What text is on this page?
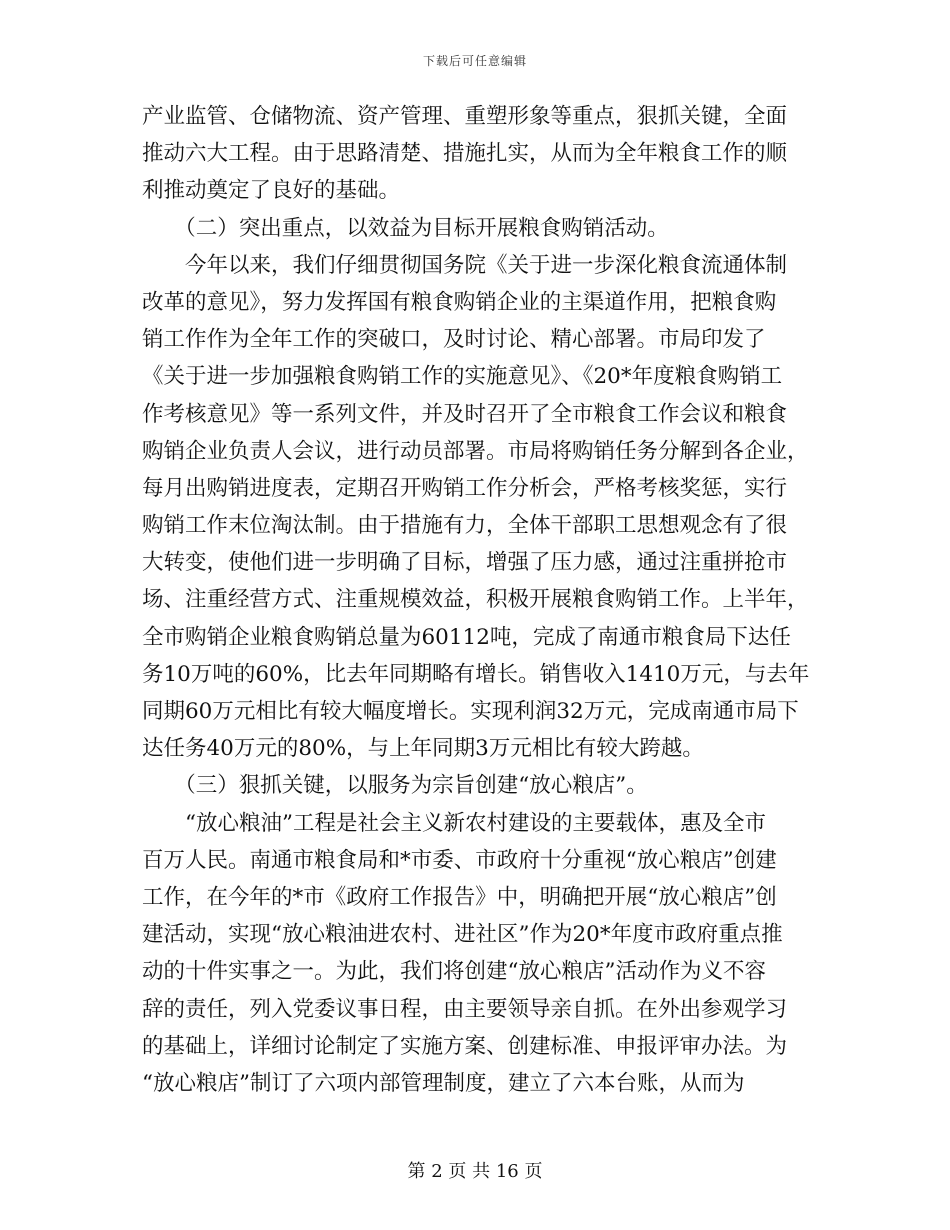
下载后可任意编辑
产业监管、仓储物流、资产管理、重塑形象等重点，狠抓关键，全面
推动六大工程。由于思路清楚、措施扎实，从而为全年粮食工作的顺
利推动奠定了良好的基础。
　　（二）突出重点，以效益为目标开展粮食购销活动。
　　今年以来，我们仔细贯彻国务院《关于进一步深化粮食流通体制
改革的意见》，努力发挥国有粮食购销企业的主渠道作用，把粮食购
销工作作为全年工作的突破口，及时讨论、精心部署。市局印发了
《关于进一步加强粮食购销工作的实施意见》、《20*年度粮食购销工
作考核意见》等一系列文件，并及时召开了全市粮食工作会议和粮食
购销企业负责人会议，进行动员部署。市局将购销任务分解到各企业，
每月出购销进度表，定期召开购销工作分析会，严格考核奖惩，实行
购销工作末位淘汰制。由于措施有力，全体干部职工思想观念有了很
大转变，使他们进一步明确了目标，增强了压力感，通过注重拼抢市
场、注重经营方式、注重规模效益，积极开展粮食购销工作。上半年，
全市购销企业粮食购销总量为60112吨，完成了南通市粮食局下达任
务10万吨的60%，比去年同期略有增长。销售收入1410万元，与去年
同期60万元相比有较大幅度增长。实现利润32万元，完成南通市局下
达任务40万元的80%，与上年同期3万元相比有较大跨越。
　　（三）狠抓关键，以服务为宗旨创建“放心粮店”。
　　“放心粮油”工程是社会主义新农村建设的主要载体，惠及全市
百万人民。南通市粮食局和*市委、市政府十分重视“放心粮店”创建
工作，在今年的*市《政府工作报告》中，明确把开展“放心粮店”创
建活动，实现“放心粮油进农村、进社区”作为20*年度市政府重点推
动的十件实事之一。为此，我们将创建“放心粮店”活动作为义不容
辞的责任，列入党委议事日程，由主要领导亲自抓。在外出参观学习
的基础上，详细讨论制定了实施方案、创建标准、申报评审办法。为
“放心粮店”制订了六项内部管理制度，建立了六本台账，从而为
第 2 页 共 16 页
